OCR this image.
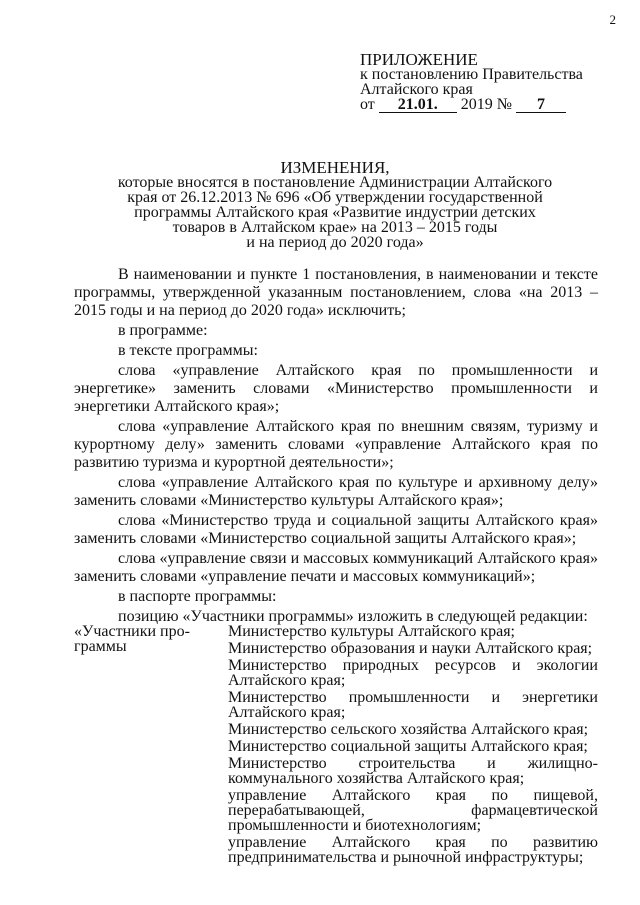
2
ПРИЛОЖЕНИЕ
к постановлению Правительства
Алтайского края
от 21.01. 2019 № 7
ИЗМЕНЕНИЯ,
которые вносятся в постановление Администрации Алтайского
края от 26.12.2013 № 696 «Об утверждении государственной
программы Алтайского края «Развитие индустрии детских
товаров в Алтайском крае» на 2013 – 2015 годы
и на период до 2020 года»

В наименовании и пункте 1 постановления, в наименовании и тексте программы, утвержденной указанным постановлением, слова «на 2013 – 2015 годы и на период до 2020 года» исключить;

в программе:

в тексте программы:

слова «управление Алтайского края по промышленности и энергетике» заменить словами «Министерство промышленности и энергетики Алтайского края»;

слова «управление Алтайского края по внешним связям, туризму и курортному делу» заменить словами «управление Алтайского края по развитию туризма и курортной деятельности»;

слова «управление Алтайского края по культуре и архивному делу» заменить словами «Министерство культуры Алтайского края»;

слова «Министерство труда и социальной защиты Алтайского края» заменить словами «Министерство социальной защиты Алтайского края»;

слова «управление связи и массовых коммуникаций Алтайского края» заменить словами «управление печати и массовых коммуникаций»;

в паспорте программы:

позицию «Участники программы» изложить в следующей редакции:

«Участники про-
граммы

Министерство культуры Алтайского края;

Министерство образования и науки Алтайского края;

Министерство природных ресурсов и экологии Алтайского края;

Министерство промышленности и энергетики Алтайского края;

Министерство сельского хозяйства Алтайского края;

Министерство социальной защиты Алтайского края;

Министерство строительства и жилищно-коммунального хозяйства Алтайского края;

управление Алтайского края по пищевой, перерабатывающей, фармацевтической промышленности и биотехнологиям;

управление Алтайского края по развитию предпринимательства и рыночной инфраструктуры;
